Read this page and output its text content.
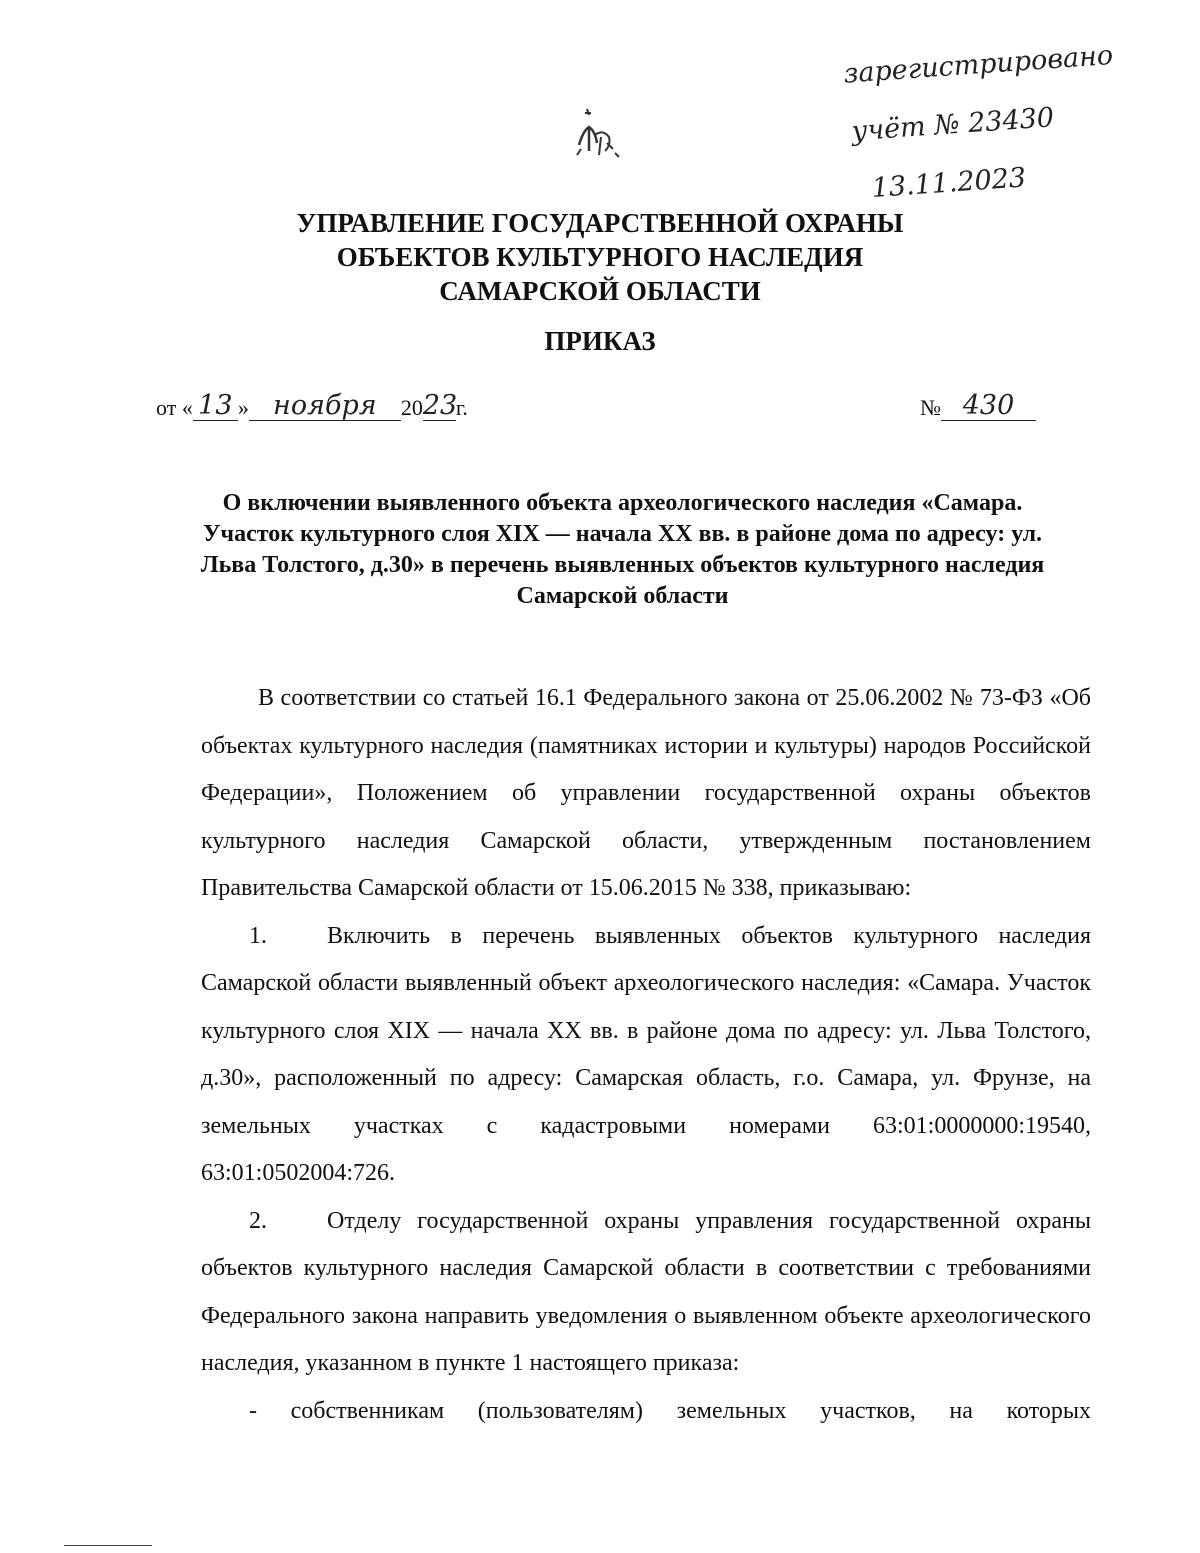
зарегистрировано

учёт № 23430

13.11.2023

УПРАВЛЕНИЕ ГОСУДАРСТВЕННОЙ ОХРАНЫ
ОБЪЕКТОВ КУЛЬТУРНОГО НАСЛЕДИЯ
САМАРСКОЙ ОБЛАСТИ
ПРИКАЗ
от « 13 » ноября	20 23
г.	№ 430
О включении выявленного объекта археологического наследия «Самара. Участок культурного слоя XIX — начала XX вв. в районе дома по адресу: ул. Льва Толстого, д.30» в перечень выявленных объектов культурного наследия Самарской области

В соответствии со статьей 16.1 Федерального закона от 25.06.2002 № 73-ФЗ «Об объектах культурного наследия (памятниках истории и культуры) народов Российской Федерации», Положением об управлении государственной охраны объектов культурного наследия Самарской области, утвержденным постановлением Правительства Самарской области от 15.06.2015 № 338, приказываю:

1.	Включить в перечень выявленных объектов культурного наследия Самарской области выявленный объект археологического наследия: «Самара. Участок культурного слоя XIX — начала XX вв. в районе дома по адресу: ул. Льва Толстого, д.30», расположенный по адресу: Самарская область, г.о. Самара, ул. Фрунзе, на земельных участках с кадастровыми номерами 63:01:0000000:19540, 63:01:0502004:726.

2.	Отделу государственной охраны управления государственной охраны объектов культурного наследия Самарской области в соответствии с требованиями Федерального закона направить уведомления о выявленном объекте археологического наследия, указанном в пункте 1 настоящего приказа:

- собственникам (пользователям) земельных участков, на которых
